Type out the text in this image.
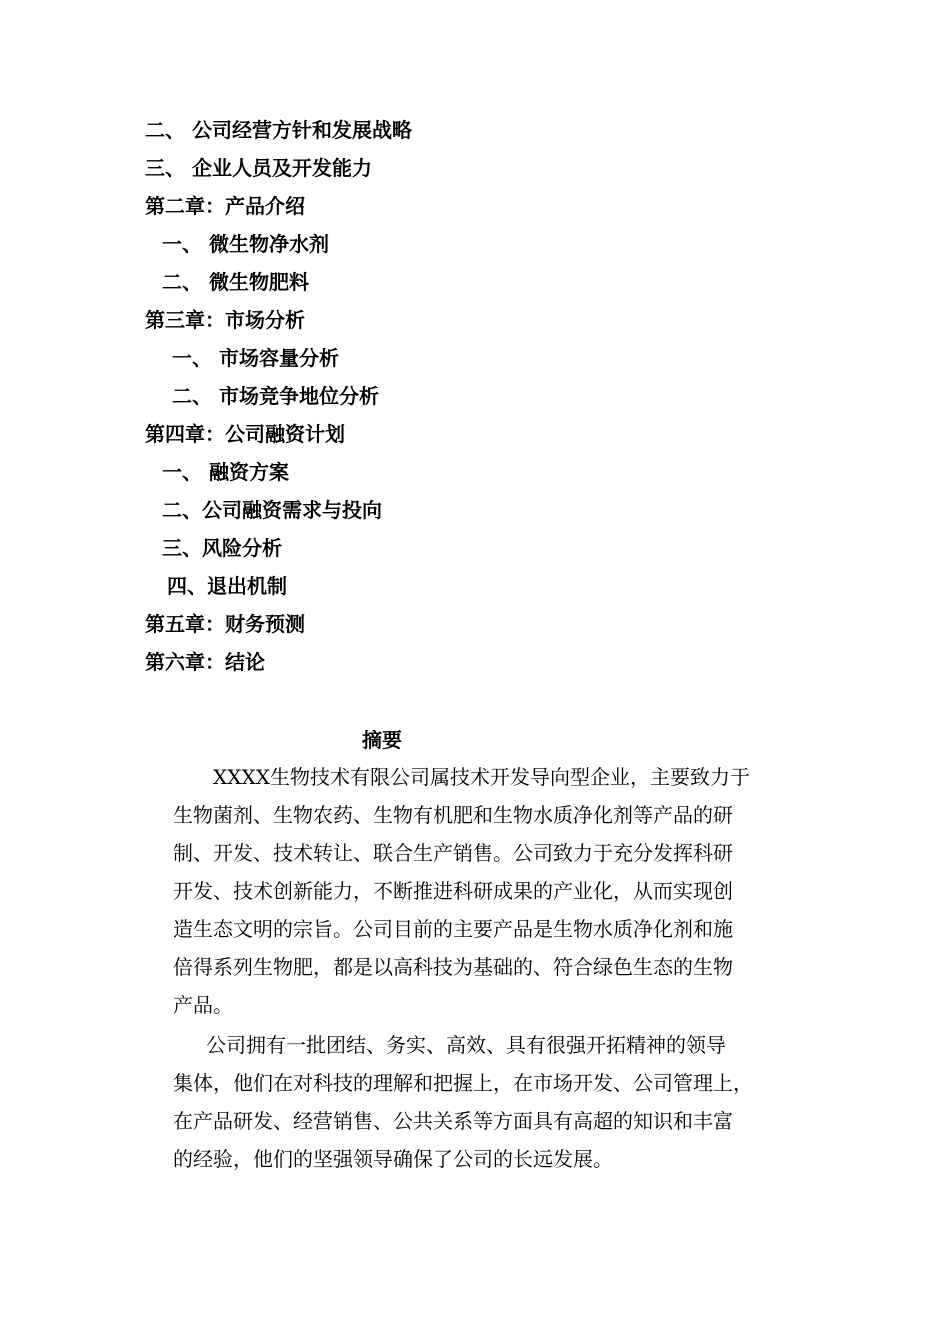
二、 公司经营方针和发展战略
三、 企业人员及开发能力
第二章：产品介绍
一、 微生物净水剂
二、 微生物肥料
第三章：市场分析
一、 市场容量分析
二、 市场竞争地位分析
第四章：公司融资计划
一、 融资方案
二、公司融资需求与投向
三、风险分析
四、退出机制
第五章：财务预测
第六章：结论
摘要
XXXX生物技术有限公司属技术开发导向型企业，主要致力于
生物菌剂、生物农药、生物有机肥和生物水质净化剂等产品的研
制、开发、技术转让、联合生产销售。公司致力于充分发挥科研
开发、技术创新能力，不断推进科研成果的产业化，从而实现创
造生态文明的宗旨。公司目前的主要产品是生物水质净化剂和施
倍得系列生物肥，都是以高科技为基础的、符合绿色生态的生物
产品。
公司拥有一批团结、务实、高效、具有很强开拓精神的领导
集体，他们在对科技的理解和把握上，在市场开发、公司管理上，
在产品研发、经营销售、公共关系等方面具有高超的知识和丰富
的经验，他们的坚强领导确保了公司的长远发展。
